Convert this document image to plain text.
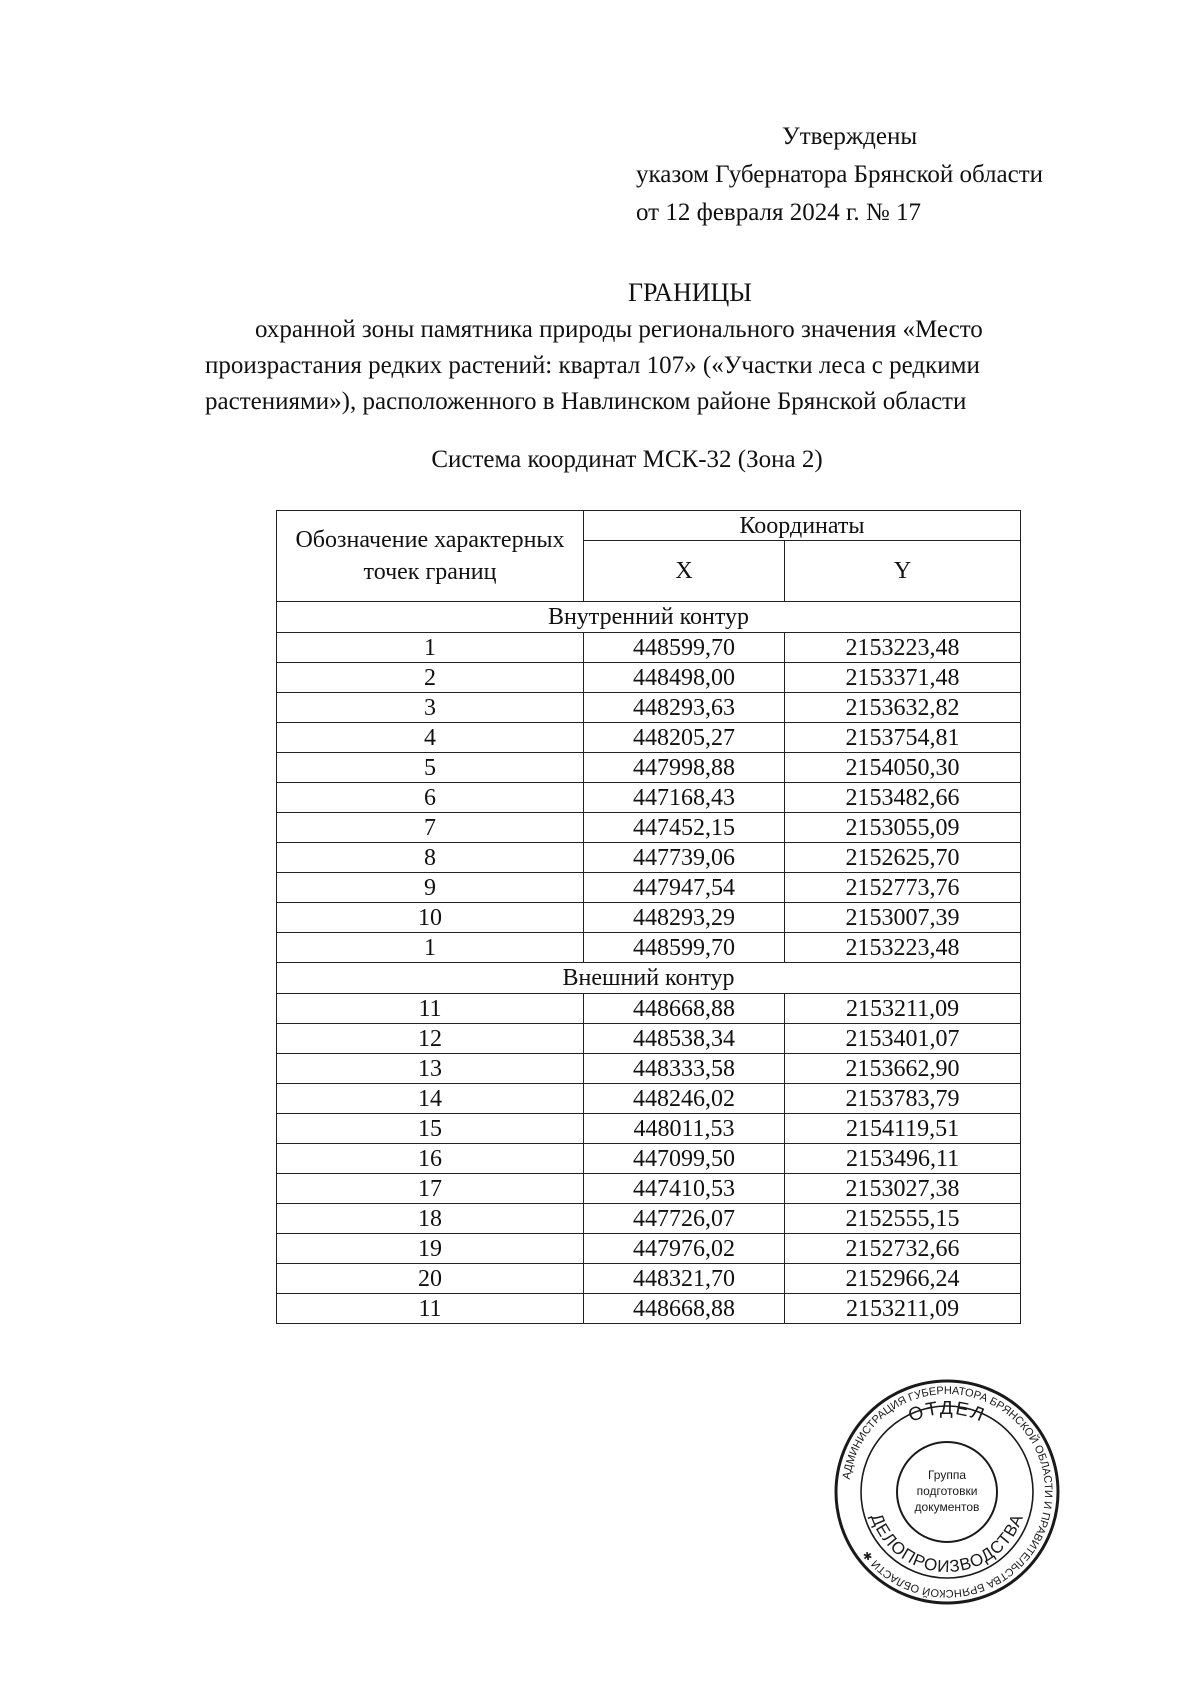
Утверждены
указом Губернатора Брянской области
от 12 февраля 2024 г. № 17
ГРАНИЦЫ
охранной зоны памятника природы регионального значения «Место
произрастания редких растений: квартал 107» («Участки леса с редкими
растениями»), расположенного в Навлинском районе Брянской области
Система координат МСК-32 (Зона 2)
Обозначение характерных точек границ	Координаты	
	X	Y
Внутренний контур		
1	448599,70	2153223,48
2	448498,00	2153371,48
3	448293,63	2153632,82
4	448205,27	2153754,81
5	447998,88	2154050,30
6	447168,43	2153482,66
7	447452,15	2153055,09
8	447739,06	2152625,70
9	447947,54	2152773,76
10	448293,29	2153007,39
1	448599,70	2153223,48
Внешний контур		
11	448668,88	2153211,09
12	448538,34	2153401,07
13	448333,58	2153662,90
14	448246,02	2153783,79
15	448011,53	2154119,51
16	447099,50	2153496,11
17	447410,53	2153027,38
18	447726,07	2152555,15
19	447976,02	2152732,66
20	448321,70	2152966,24
11	448668,88	2153211,09
АДМИНИСТРАЦИЯ ГУБЕРНАТОРА БРЯНСКОЙ ОБЛАСТИ И ПРАВИТЕЛЬСТВА БРЯНСКОЙ ОБЛАСТИ ✱
ОТДЕЛ
ДЕЛОПРОИЗВОДСТВА
Группа
подготовки
документов
